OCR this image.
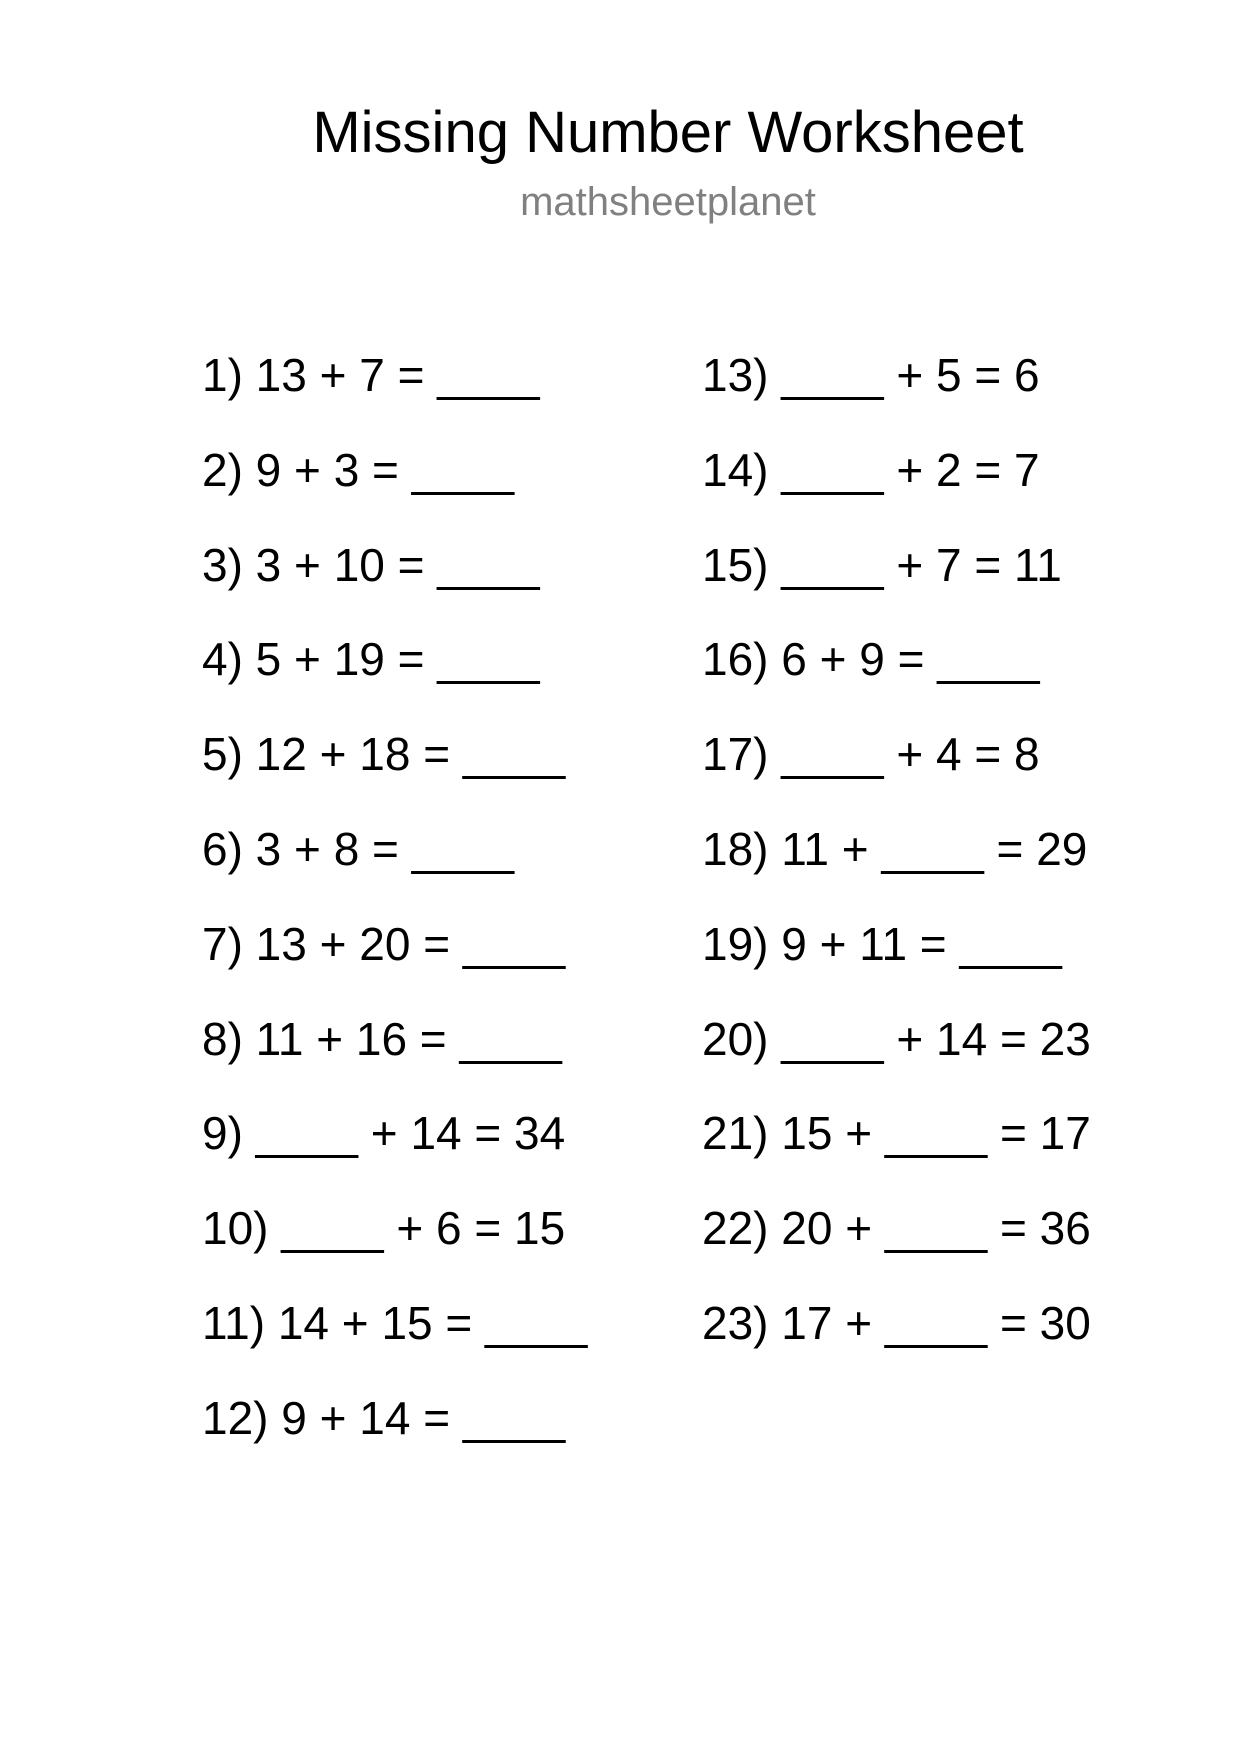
Missing Number Worksheet
mathsheetplanet
1) 13 + 7 = ____
2) 9 + 3 = ____
3) 3 + 10 = ____
4) 5 + 19 = ____
5) 12 + 18 = ____
6) 3 + 8 = ____
7) 13 + 20 = ____
8) 11 + 16 = ____
9) ____ + 14 = 34
10) ____ + 6 = 15
11) 14 + 15 = ____
12) 9 + 14 = ____
13) ____ + 5 = 6
14) ____ + 2 = 7
15) ____ + 7 = 11
16) 6 + 9 = ____
17) ____ + 4 = 8
18) 11 + ____ = 29
19) 9 + 11 = ____
20) ____ + 14 = 23
21) 15 + ____ = 17
22) 20 + ____ = 36
23) 17 + ____ = 30
